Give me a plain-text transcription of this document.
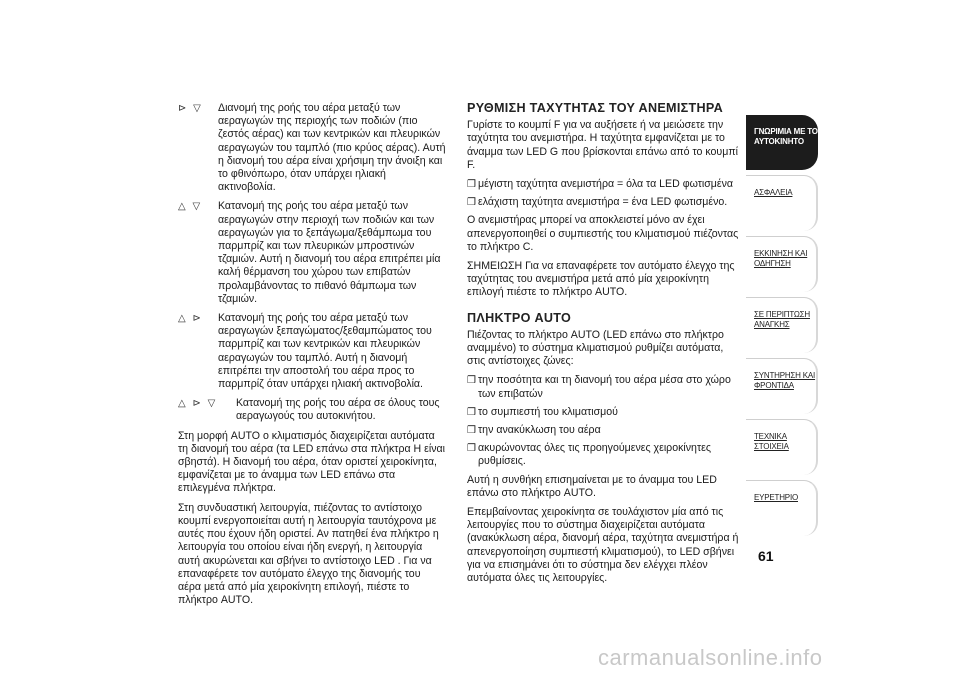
⊳ ▽ Διανομή της ροής του αέρα μεταξύ των αεραγωγών της περιοχής των ποδιών (πιο ζεστός αέρας) και των κεντρικών και πλευρικών αεραγωγών του ταμπλό (πιο κρύος αέρας). Αυτή η διανομή του αέρα είναι χρήσιμη την άνοιξη και το φθινόπωρο, όταν υπάρχει ηλιακή ακτινοβολία.
△ ▽ Κατανομή της ροής του αέρα μεταξύ των αεραγωγών στην περιοχή των ποδιών και των αεραγωγών για το ξεπάγωμα/ξεθάμπωμα του παρμπρίζ και των πλευρικών μπροστινών τζαμιών. Αυτή η διανομή του αέρα επιτρέπει μία καλή θέρμανση του χώρου των επιβατών προλαμβάνοντας το πιθανό θάμπωμα των τζαμιών.
△ ⊳ Κατανομή της ροής του αέρα μεταξύ των αεραγωγών ξεπαγώματος/ξεθαμπώματος του παρμπρίζ και των κεντρικών και πλευρικών αεραγωγών του ταμπλό. Αυτή η διανομή επιτρέπει την αποστολή του αέρα προς το παρμπρίζ όταν υπάρχει ηλιακή ακτινοβολία.
△ ⊳ ▽ Κατανομή της ροής του αέρα σε όλους τους αεραγωγούς του αυτοκινήτου.

Στη μορφή AUTO ο κλιματισμός διαχειρίζεται αυτόματα τη διανομή του αέρα (τα LED επάνω στα πλήκτρα Η είναι σβηστά). Η διανομή του αέρα, όταν οριστεί χειροκίνητα, εμφανίζεται με το άναμμα των LED επάνω στα επιλεγμένα πλήκτρα.

Στη συνδυαστική λειτουργία, πιέζοντας το αντίστοιχο κουμπί ενεργοποιείται αυτή η λειτουργία ταυτόχρονα με αυτές που έχουν ήδη οριστεί. Αν πατηθεί ένα πλήκτρο η λειτουργία του οποίου είναι ήδη ενεργή, η λειτουργία αυτή ακυρώνεται και σβήνει το αντίστοιχο LED . Για να επαναφέρετε τον αυτόματο έλεγχο της διανομής του αέρα μετά από μία χειροκίνητη επιλογή, πιέστε το πλήκτρο AUTO.

ΡΥΘΜΙΣΗ ΤΑΧΥΤΗΤΑΣ ΤΟΥ ΑΝΕΜΙΣΤΗΡΑ

Γυρίστε το κουμπί F για να αυξήσετε ή να μειώσετε την ταχύτητα του ανεμιστήρα. Η ταχύτητα εμφανίζεται με το άναμμα των LED G που βρίσκονται επάνω από το κουμπί F.

❒ μέγιστη ταχύτητα ανεμιστήρα = όλα τα LED φωτισμένα
❒ ελάχιστη ταχύτητα ανεμιστήρα = ένα LED φωτισμένο.

Ο ανεμιστήρας μπορεί να αποκλειστεί μόνο αν έχει απενεργοποιηθεί ο συμπιεστής του κλιματισμού πιέζοντας το πλήκτρο C.

ΣΗΜΕΙΩΣΗ Για να επαναφέρετε τον αυτόματο έλεγχο της ταχύτητας του ανεμιστήρα μετά από μία χειροκίνητη επιλογή πιέστε το πλήκτρο AUTO.

ΠΛΗΚΤΡΟ AUTO

Πιέζοντας το πλήκτρο AUTO (LED επάνω στο πλήκτρο αναμμένο) το σύστημα κλιματισμού ρυθμίζει αυτόματα, στις αντίστοιχες ζώνες:

❒ την ποσότητα και τη διανομή του αέρα μέσα στο χώρο των επιβατών
❒ το συμπιεστή του κλιματισμού
❒ την ανακύκλωση του αέρα
❒ ακυρώνοντας όλες τις προηγούμενες χειροκίνητες ρυθμίσεις.

Αυτή η συνθήκη επισημαίνεται με το άναμμα του LED επάνω στο πλήκτρο AUTO.

Επεμβαίνοντας χειροκίνητα σε τουλάχιστον μία από τις λειτουργίες που το σύστημα διαχειρίζεται αυτόματα (ανακύκλωση αέρα, διανομή αέρα, ταχύτητα ανεμιστήρα ή απενεργοποίηση συμπιεστή κλιματισμού), το LED σβήνει για να επισημάνει ότι το σύστημα δεν ελέγχει πλέον αυτόματα όλες τις λειτουργίες.

ΓΝΩΡΙΜΙΑ ΜΕ ΤΟ ΑΥΤΟΚΙΝΗΤΟ
ΑΣΦΑΛΕΙΑ
ΕΚΚΙΝΗΣΗ ΚΑΙ ΟΔΗΓΗΣΗ
ΣΕ ΠΕΡΙΠΤΩΣΗ ΑΝΑΓΚΗΣ
ΣΥΝΤΗΡΗΣΗ ΚΑΙ ΦΡΟΝΤΙΔΑ
ΤΕΧΝΙΚΑ ΣΤΟΙΧΕΙΑ
ΕΥΡΕΤΗΡΙΟ
61
carmanualsonline.info
